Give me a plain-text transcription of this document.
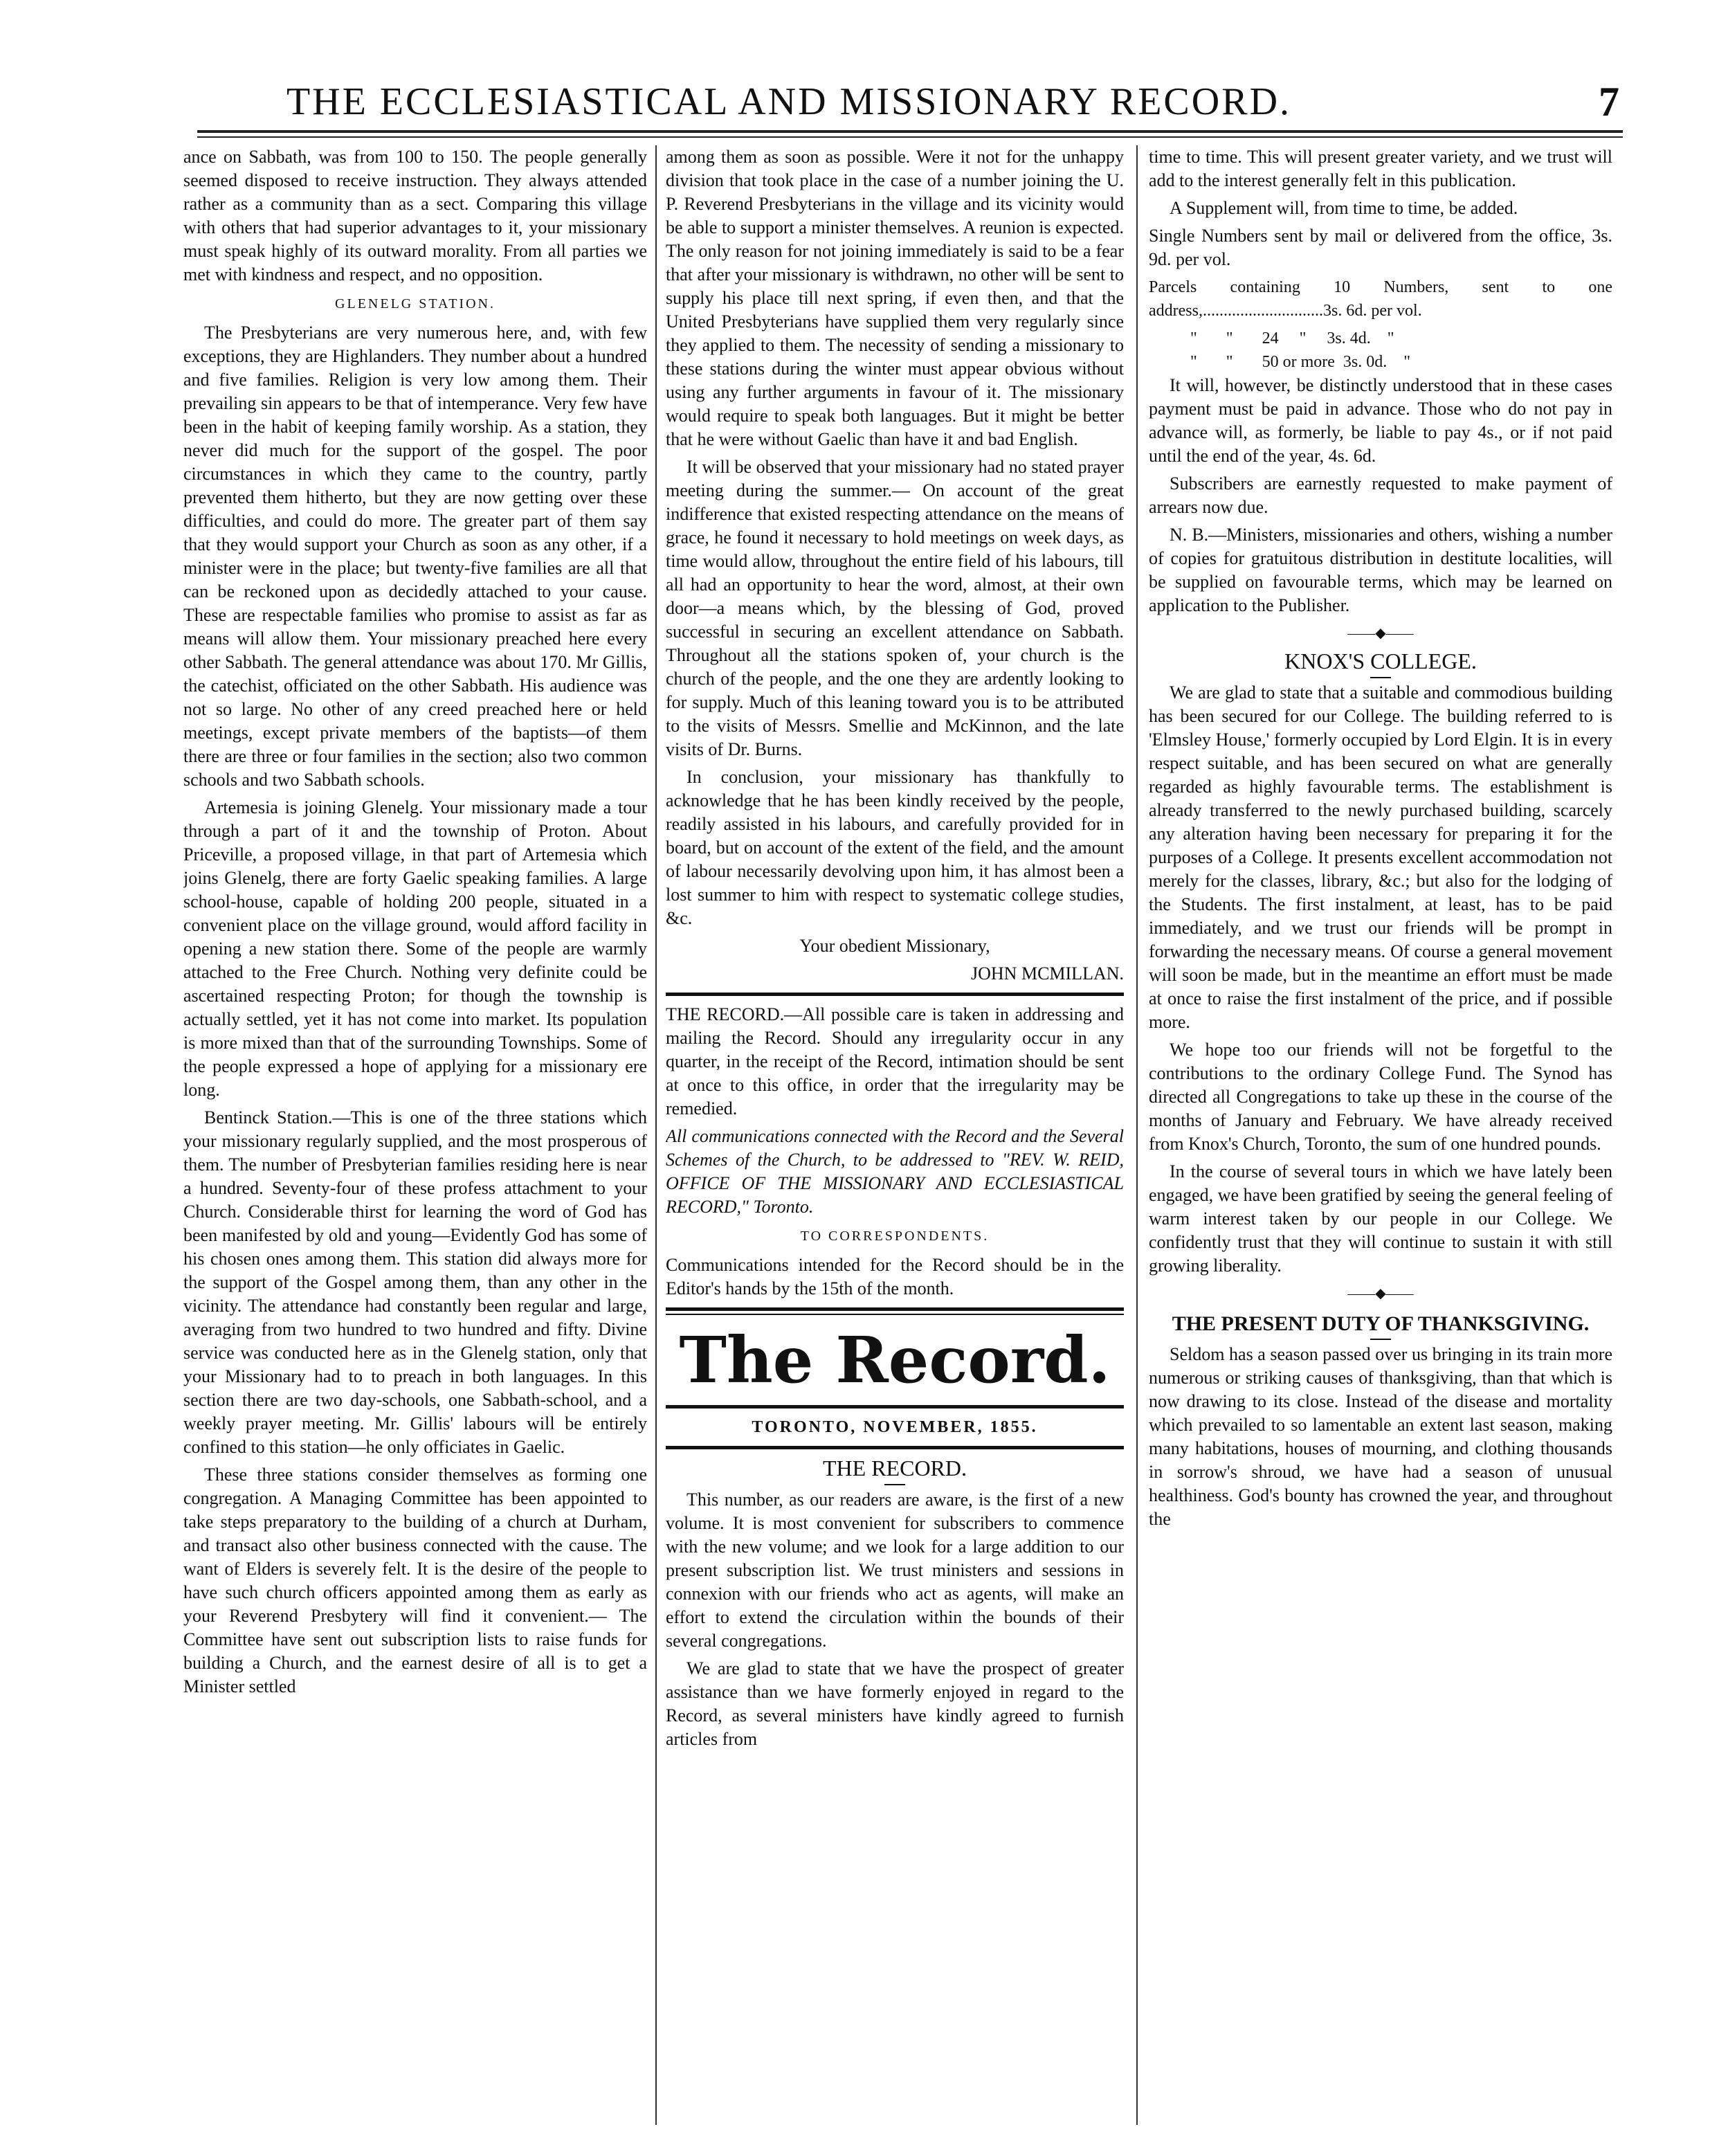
THE ECCLESIASTICAL AND MISSIONARY RECORD.	7

ance on Sabbath, was from 100 to 150. The people generally seemed disposed to receive instruction. They always attended rather as a community than as a sect. Comparing this village with others that had superior advantages to it, your missionary must speak highly of its outward morality. From all parties we met with kindness and respect, and no opposition.

GLENELG STATION.

The Presbyterians are very numerous here, and, with few exceptions, they are Highlanders. They number about a hundred and five families. Religion is very low among them. Their prevailing sin appears to be that of intemperance. Very few have been in the habit of keeping family worship. As a station, they never did much for the support of the gospel. The poor circumstances in which they came to the country, partly prevented them hitherto, but they are now getting over these difficulties, and could do more. The greater part of them say that they would support your Church as soon as any other, if a minister were in the place; but twenty-five families are all that can be reckoned upon as decidedly attached to your cause. These are respectable families who promise to assist as far as means will allow them. Your missionary preached here every other Sabbath. The general attendance was about 170. Mr Gillis, the catechist, officiated on the other Sabbath. His audience was not so large. No other of any creed preached here or held meetings, except private members of the baptists—of them there are three or four families in the section; also two common schools and two Sabbath schools.

Artemesia is joining Glenelg. Your missionary made a tour through a part of it and the township of Proton. About Priceville, a proposed village, in that part of Artemesia which joins Glenelg, there are forty Gaelic speaking families. A large school-house, capable of holding 200 people, situated in a convenient place on the village ground, would afford facility in opening a new station there. Some of the people are warmly attached to the Free Church. Nothing very definite could be ascertained respecting Proton; for though the township is actually settled, yet it has not come into market. Its population is more mixed than that of the surrounding Townships. Some of the people expressed a hope of applying for a missionary ere long.

Bentinck Station.—This is one of the three stations which your missionary regularly supplied, and the most prosperous of them. The number of Presbyterian families residing here is near a hundred. Seventy-four of these profess attachment to your Church. Considerable thirst for learning the word of God has been manifested by old and young—Evidently God has some of his chosen ones among them. This station did always more for the support of the Gospel among them, than any other in the vicinity. The attendance had constantly been regular and large, averaging from two hundred to two hundred and fifty. Divine service was conducted here as in the Glenelg station, only that your Missionary had to to preach in both languages. In this section there are two day-schools, one Sabbath-school, and a weekly prayer meeting. Mr. Gillis' labours will be entirely confined to this station—he only officiates in Gaelic.

These three stations consider themselves as forming one congregation. A Managing Committee has been appointed to take steps preparatory to the building of a church at Durham, and transact also other business connected with the cause. The want of Elders is severely felt. It is the desire of the people to have such church officers appointed among them as early as your Reverend Presbytery will find it convenient.— The Committee have sent out subscription lists to raise funds for building a Church, and the earnest desire of all is to get a Minister settled

among them as soon as possible. Were it not for the unhappy division that took place in the case of a number joining the U. P. Reverend Presbyterians in the village and its vicinity would be able to support a minister themselves. A reunion is expected. The only reason for not joining immediately is said to be a fear that after your missionary is withdrawn, no other will be sent to supply his place till next spring, if even then, and that the United Presbyterians have supplied them very regularly since they applied to them. The necessity of sending a missionary to these stations during the winter must appear obvious without using any further arguments in favour of it. The missionary would require to speak both languages. But it might be better that he were without Gaelic than have it and bad English.

It will be observed that your missionary had no stated prayer meeting during the summer.— On account of the great indifference that existed respecting attendance on the means of grace, he found it necessary to hold meetings on week days, as time would allow, throughout the entire field of his labours, till all had an opportunity to hear the word, almost, at their own door—a means which, by the blessing of God, proved successful in securing an excellent attendance on Sabbath. Throughout all the stations spoken of, your church is the church of the people, and the one they are ardently looking to for supply. Much of this leaning toward you is to be attributed to the visits of Messrs. Smellie and McKinnon, and the late visits of Dr. Burns.

In conclusion, your missionary has thankfully to acknowledge that he has been kindly received by the people, readily assisted in his labours, and carefully provided for in board, but on account of the extent of the field, and the amount of labour necessarily devolving upon him, it has almost been a lost summer to him with respect to systematic college studies, &c.

Your obedient Missionary,

JOHN MCMILLAN.

THE RECORD.—All possible care is taken in addressing and mailing the Record. Should any irregularity occur in any quarter, in the receipt of the Record, intimation should be sent at once to this office, in order that the irregularity may be remedied.

All communications connected with the Record and the Several Schemes of the Church, to be addressed to "REV. W. REID, OFFICE OF THE MISSIONARY AND ECCLESIASTICAL RECORD," Toronto.

TO CORRESPONDENTS.

Communications intended for the Record should be in the Editor's hands by the 15th of the month.

The Record.
TORONTO, NOVEMBER, 1855.
THE RECORD.

This number, as our readers are aware, is the first of a new volume. It is most convenient for subscribers to commence with the new volume; and we look for a large addition to our present subscription list. We trust ministers and sessions in connexion with our friends who act as agents, will make an effort to extend the circulation within the bounds of their several congregations.

We are glad to state that we have the prospect of greater assistance than we have formerly enjoyed in regard to the Record, as several ministers have kindly agreed to furnish articles from

time to time. This will present greater variety, and we trust will add to the interest generally felt in this publication.

A Supplement will, from time to time, be added.

Single Numbers sent by mail or delivered from the office, 3s. 9d. per vol.

Parcels containing 10 Numbers, sent to one address,.............................3s. 6d. per vol.

"       "       24     "     3s. 4d.    "
"       "       50 or more  3s. 0d.    "

It will, however, be distinctly understood that in these cases payment must be paid in advance. Those who do not pay in advance will, as formerly, be liable to pay 4s., or if not paid until the end of the year, 4s. 6d.

Subscribers are earnestly requested to make payment of arrears now due.

N. B.—Ministers, missionaries and others, wishing a number of copies for gratuitous distribution in destitute localities, will be supplied on favourable terms, which may be learned on application to the Publisher.

——◆——
KNOX'S COLLEGE.

We are glad to state that a suitable and commodious building has been secured for our College. The building referred to is 'Elmsley House,' formerly occupied by Lord Elgin. It is in every respect suitable, and has been secured on what are generally regarded as highly favourable terms. The establishment is already transferred to the newly purchased building, scarcely any alteration having been necessary for preparing it for the purposes of a College. It presents excellent accommodation not merely for the classes, library, &c.; but also for the lodging of the Students. The first instalment, at least, has to be paid immediately, and we trust our friends will be prompt in forwarding the necessary means. Of course a general movement will soon be made, but in the meantime an effort must be made at once to raise the first instalment of the price, and if possible more.

We hope too our friends will not be forgetful to the contributions to the ordinary College Fund. The Synod has directed all Congregations to take up these in the course of the months of January and February. We have already received from Knox's Church, Toronto, the sum of one hundred pounds.

In the course of several tours in which we have lately been engaged, we have been gratified by seeing the general feeling of warm interest taken by our people in our College. We confidently trust that they will continue to sustain it with still growing liberality.

——◆——
THE PRESENT DUTY OF THANKSGIVING.

Seldom has a season passed over us bringing in its train more numerous or striking causes of thanksgiving, than that which is now drawing to its close. Instead of the disease and mortality which prevailed to so lamentable an extent last season, making many habitations, houses of mourning, and clothing thousands in sorrow's shroud, we have had a season of unusual healthiness. God's bounty has crowned the year, and throughout the
